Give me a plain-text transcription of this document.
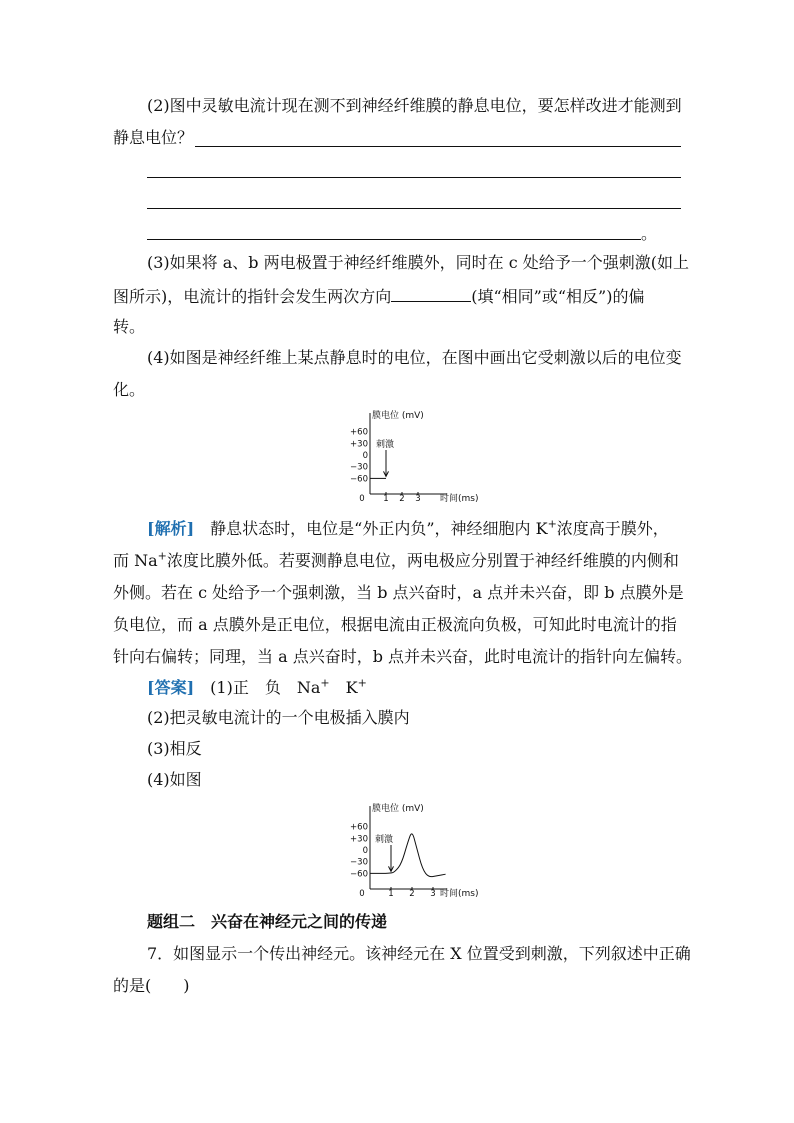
(2)图中灵敏电流计现在测不到神经纤维膜的静息电位，要怎样改进才能测到
静息电位？
。
(3)如果将 a、b 两电极置于神经纤维膜外，同时在 c 处给予一个强刺激(如上
图所示)，电流计的指针会发生两次方向	(填“相同”或“相反”)的偏
转。
(4)如图是神经纤维上某点静息时的电位，在图中画出它受刺激以后的电位变
化。
膜电位 (mV)
时间(ms)
刺激
+60
+30
0
−30
−60
0 1 2 3
[解析]　 静息状态时，电位是“外正内负”，神经细胞内 K+浓度高于膜外，
而 Na+浓度比膜外低。若要测静息电位，两电极应分别置于神经纤维膜的内侧和
外侧。若在 c 处给予一个强刺激，当 b 点兴奋时，a 点并未兴奋，即 b 点膜外是
负电位，而 a 点膜外是正电位，根据电流由正极流向负极，可知此时电流计的指
针向右偏转；同理，当 a 点兴奋时，b 点并未兴奋，此时电流计的指针向左偏转。
[答案]　 (1)正　负　Na+　K+
(2)把灵敏电流计的一个电极插入膜内
(3)相反
(4)如图
膜电位 (mV)
时间(ms)
刺激
+60
+30
0
−30
−60
0	1 2 3
题组二　兴奋在神经元之间的传递
7．如图显示一个传出神经元。该神经元在 X 位置受到刺激，下列叙述中正确
的是(　　)
